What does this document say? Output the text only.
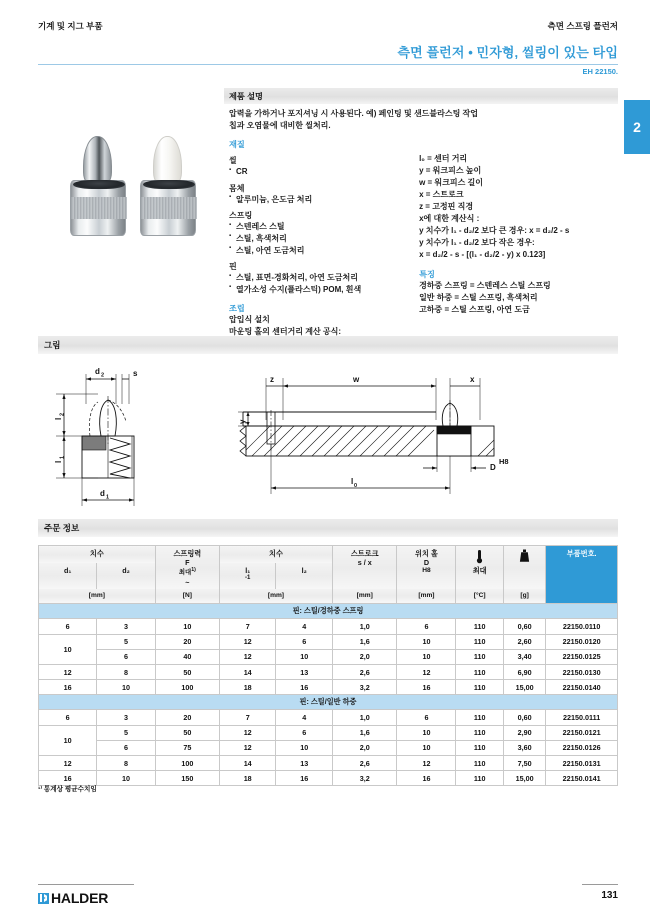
기계 및 지그 부품	측면 스프링 플런저
측면 플런저 • 민자형, 씰링이 있는 타입
EH 22150.
2
제품 설명
압력을 가하거나 포지셔닝 시 사용된다. 예) 페인팅 및 샌드블라스팅 작업
칩과 오염물에 대비한 씰처리.
재질
씰
▪ CR
몸체
▪ 알루미늄, 은도금 처리
스프링
▪ 스텐레스 스틸
▪ 스틸, 흑색처리
▪ 스틸, 아연 도금처리
핀
▪ 스틸, 표면-경화처리, 아연 도금처리
▪ 열가소성 수지(플라스틱) POM, 흰색
조립
압입식 설치
마운팅 홀의 센터거리 계산 공식:
l₀ = 센터 거리
y = 워크피스 높이
w = 워크피스 길이
x = 스트로크
z = 고정핀 직경
x에 대한 계산식 :
y 치수가 l₁ - d₂/2 보다 큰 경우: x = d₂/2 - s
y 치수가 l₁ - d₂/2 보다 작은 경우:
x = d₂/2 - s - [(l₁ - d₂/2 - y) x 0.123]
특징
경하중 스프링 = 스텐레스 스틸 스프링
일반 하중 = 스틸 스프링, 흑색처리
고하중 = 스틸 스프링, 아연 도금
그림
d 2	s
l
2
l
1
d 1
z	w	x
y
l 0
D
H8
주문 정보
치수	스프링력
F
최대$^{1)}$
~

치수	스트로크
s / x

위치 홀
D
H8	최대

부품번호.

d₁	d₂		l₁
-1	l₂					
[mm]		[N]	[mm]		[mm]	[mm]	[°C]	[g]	
핀: 스틸/경하중 스프링									
6	3	10	7	4	1,0	6	110	0,60	22150.0110
10	5	20	12	6	1,6	10	110	2,60	22150.0120
	6	40	12	10	2,0	10	110	3,40	22150.0125
12	8	50	14	13	2,6	12	110	6,90	22150.0130
16	10	100	18	16	3,2	16	110	15,00	22150.0140
핀: 스틸/일반 하중									
6	3	20	7	4	1,0	6	110	0,60	22150.0111
10	5	50	12	6	1,6	10	110	2,90	22150.0121
	6	75	12	10	2,0	10	110	3,60	22150.0126
12	8	100	14	13	2,6	12	110	7,50	22150.0131
16	10	150	18	16	3,2	16	110	15,00	22150.0141
¹⁾ 통계상 평균수치임
HALDER	131
